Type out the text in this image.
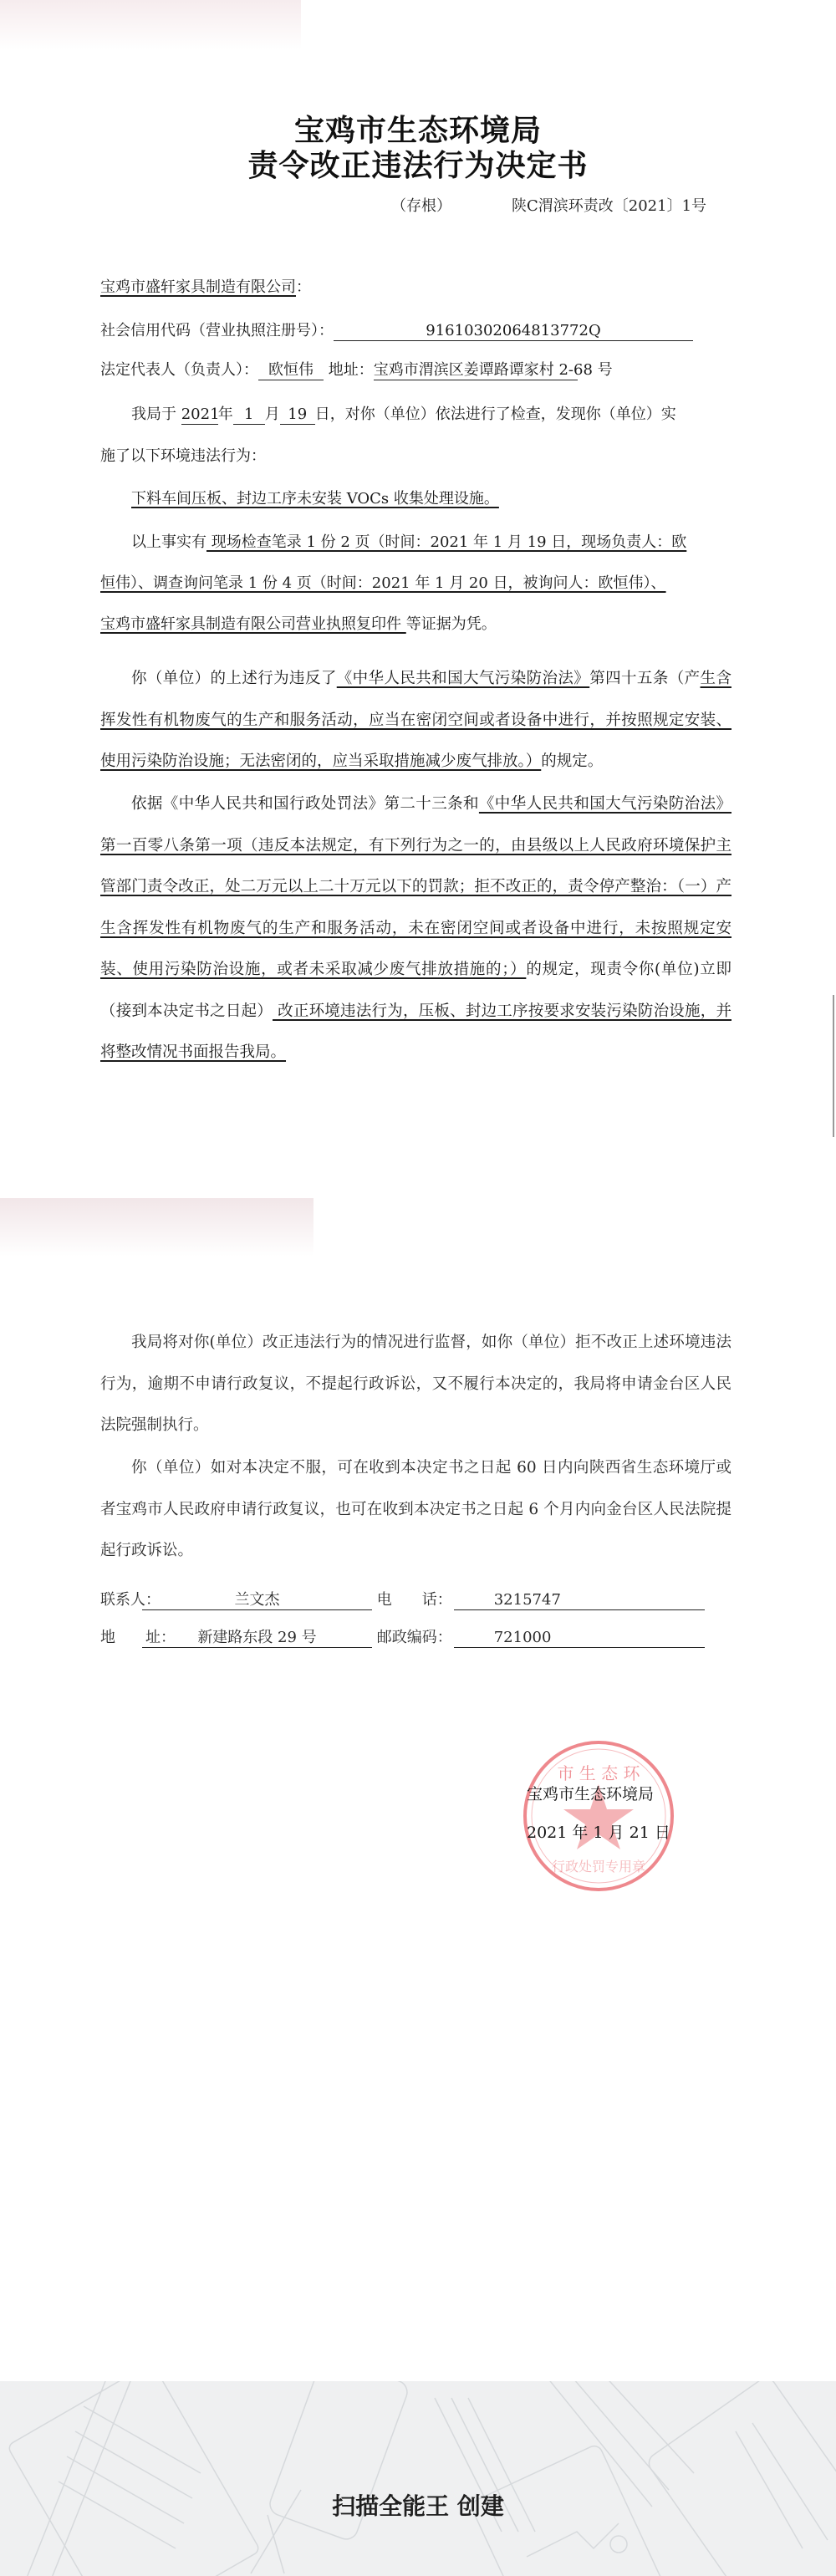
宝鸡市生态环境局
责令改正违法行为决定书
（存根）	陕C渭滨环责改〔2021〕1号
宝鸡市盛轩家具制造有限公司：
社会信用代码（营业执照注册号）：	91610302064813772Q
法定代表人（负责人）： 欧恒伟 地址：宝鸡市渭滨区姜谭路谭家村 2-68 号
我局于 2021年 1 月 19 日，对你（单位）依法进行了检查，发现你（单位）实
施了以下环境违法行为：
下料车间压板、封边工序未安装 VOCs 收集处理设施。
以上事实有 现场检查笔录 1 份 2 页（时间：2021 年 1 月 19 日，现场负责人：欧
恒伟）、调查询问笔录 1 份 4 页（时间：2021 年 1 月 20 日，被询问人：欧恒伟）、
宝鸡市盛轩家具制造有限公司营业执照复印件 等证据为凭。
你（单位）的上述行为违反了《中华人民共和国大气污染防治法》第四十五条（产生含挥发性有机物废气的生产和服务活动，应当在密闭空间或者设备中进行，并按照规定安装、使用污染防治设施；无法密闭的，应当采取措施减少废气排放。）的规定。
依据《中华人民共和国行政处罚法》第二十三条和《中华人民共和国大气污染防治法》第一百零八条第一项（违反本法规定，有下列行为之一的，由县级以上人民政府环境保护主管部门责令改正，处二万元以上二十万元以下的罚款；拒不改正的，责令停产整治：（一）产生含挥发性有机物废气的生产和服务活动，未在密闭空间或者设备中进行，未按照规定安装、使用污染防治设施，或者未采取减少废气排放措施的；）的规定，现责令你(单位)立即（接到本决定书之日起） 改正环境违法行为，压板、封边工序按要求安装污染防治设施，并将整改情况书面报告我局。
我局将对你(单位）改正违法行为的情况进行监督，如你（单位）拒不改正上述环境违法行为，逾期不申请行政复议，不提起行政诉讼，又不履行本决定的，我局将申请金台区人民法院强制执行。
你（单位）如对本决定不服，可在收到本决定书之日起 60 日内向陕西省生态环境厅或者宝鸡市人民政府申请行政复议，也可在收到本决定书之日起 6 个月内向金台区人民法院提起行政诉讼。
联系人：	兰文杰	电　　话：	3215747
地　　址： 新建路东段 29 号	邮政编码：	721000
市 生 态 环
行政处罚专用章
宝鸡市生态环境局
2021 年 1 月 21 日
扫描全能王 创建
